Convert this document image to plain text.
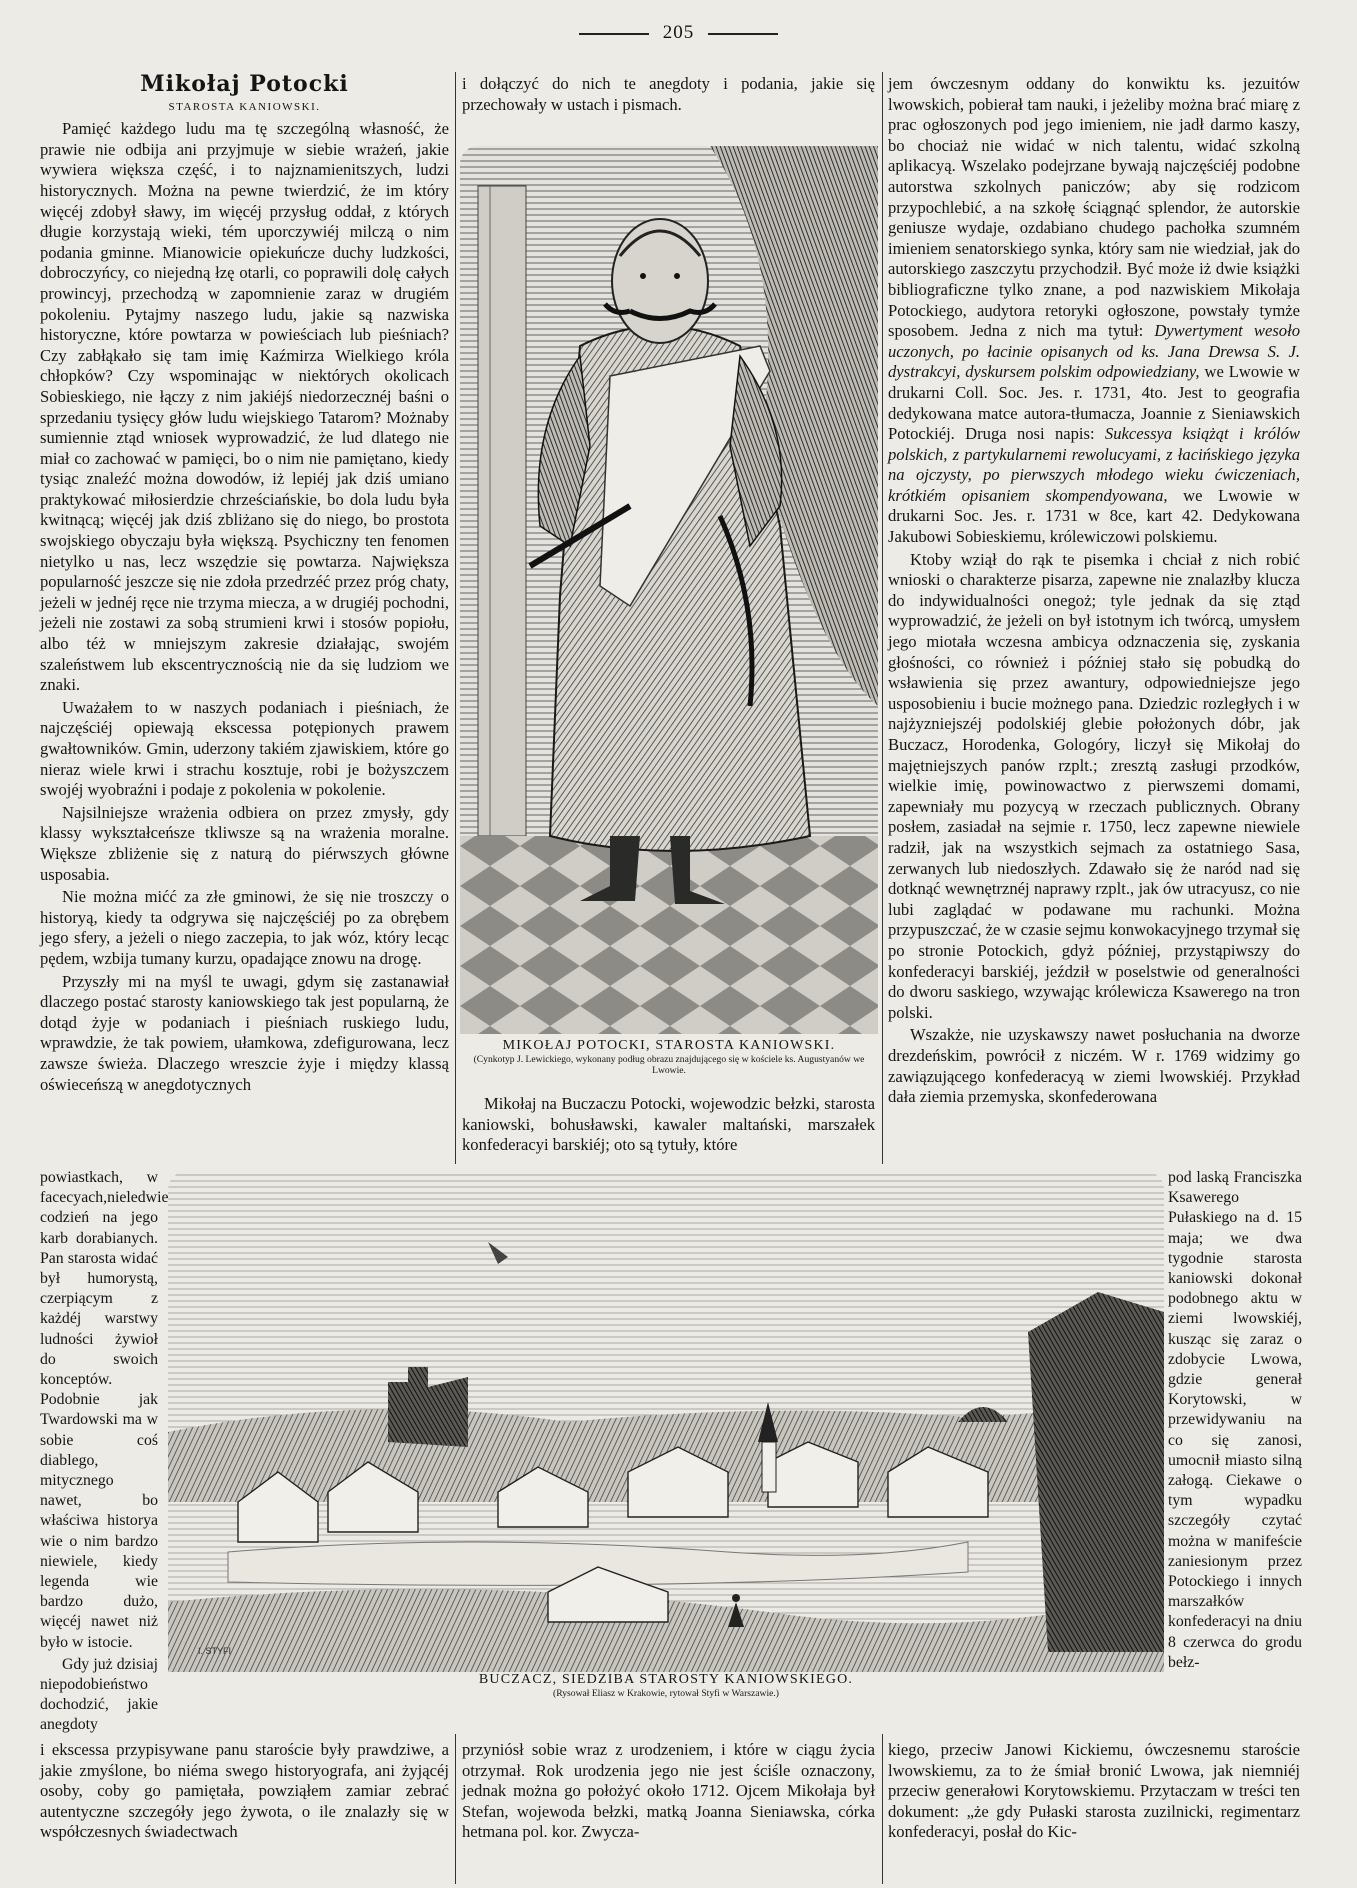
205

Mikołaj Potocki

STAROSTA KANIOWSKI.

Pamięć każdego ludu ma tę szczególną własność, że prawie nie odbija ani przyjmuje w siebie wrażeń, jakie wywiera większa część, i to najznamienitszych, ludzi historycznych. Można na pewne twierdzić, że im który więcéj zdobył sławy, im więcéj przysług oddał, z których długie korzystają wieki, tém uporczywiéj milczą o nim podania gminne. Mianowicie opiekuńcze duchy ludzkości, dobroczyńcy, co niejedną łzę otarli, co poprawili dolę całych prowincyj, przechodzą w zapomnienie zaraz w drugiém pokoleniu. Pytajmy naszego ludu, jakie są nazwiska historyczne, które powtarza w powieściach lub pieśniach? Czy zabłąkało się tam imię Kaźmirza Wielkiego króla chłopków? Czy wspominając w niektórych okolicach Sobieskiego, nie łączy z nim jakiéjś niedorzecznéj baśni o sprzedaniu tysięcy głów ludu wiejskiego Tatarom? Możnaby sumiennie ztąd wniosek wyprowadzić, że lud dlatego nie miał co zachować w pamięci, bo o nim nie pamiętano, kiedy tysiąc znaleźć można dowodów, iż lepiéj jak dziś umiano praktykować miłosierdzie chrześciańskie, bo dola ludu była kwitnącą; więcéj jak dziś zbliżano się do niego, bo prostota swojskiego obyczaju była większą. Psychiczny ten fenomen nietylko u nas, lecz wszędzie się powtarza. Największa popularność jeszcze się nie zdoła przedrzéć przez próg chaty, jeżeli w jednéj ręce nie trzyma miecza, a w drugiéj pochodni, jeżeli nie zostawi za sobą strumieni krwi i stosów popiołu, albo téż w mniejszym zakresie działając, swojém szaleństwem lub ekscentrycznością nie da się ludziom we znaki.

Uważałem to w naszych podaniach i pieśniach, że najczęściéj opiewają ekscessa potępionych prawem gwałtowników. Gmin, uderzony takiém zjawiskiem, które go nieraz wiele krwi i strachu kosztuje, robi je bożyszczem swojéj wyobraźni i podaje z pokolenia w pokolenie.

Najsilniejsze wrażenia odbiera on przez zmysły, gdy klassy wykształceńsze tkliwsze są na wrażenia moralne. Większe zbliżenie się z naturą do piérwszych główne usposabia.

Nie można mićć za złe gminowi, że się nie troszczy o historyą, kiedy ta odgrywa się najczęściéj po za obrębem jego sfery, a jeżeli o niego zaczepia, to jak wóz, który lecąc pędem, wzbija tumany kurzu, opadające znowu na drogę.

Przyszły mi na myśl te uwagi, gdym się zastanawiał dlaczego postać starosty kaniowskiego tak jest popularną, że dotąd żyje w podaniach i pieśniach ruskiego ludu, wprawdzie, że tak powiem, ułamkowa, zdefigurowana, lecz zawsze świeża. Dlaczego wreszcie żyje i między klassą oświeceńszą w anegdotycznych

powiastkach, w facecyach,nieledwie codzień na jego karb dorabianych. Pan starosta widać był humorystą, czerpiącym z każdéj warstwy ludności żywioł do swoich konceptów. Podobnie jak Twardowski ma w sobie coś diablego, mitycznego nawet, bo właściwa historya wie o nim bardzo niewiele, kiedy legenda wie bardzo dużo, więcéj nawet niż było w istocie.

Gdy już dzisiaj niepodobieństwo dochodzić, jakie anegdoty

i ekscessa przypisywane panu staroście były prawdziwe, a jakie zmyślone, bo niéma swego historyografa, ani żyjącéj osoby, coby go pamiętała, powziąłem zamiar zebrać autentyczne szczegóły jego żywota, o ile znalazły się w współczesnych świadectwach

i dołączyć do nich te anegdoty i podania, jakie się przechowały w ustach i pismach.

MIKOŁAJ POTOCKI, STAROSTA KANIOWSKI.
(Cynkotyp J. Lewickiego, wykonany podług obrazu znajdującego się w kościele ks. Augustyanów we Lwowie.

Mikołaj na Buczaczu Potocki, wojewodzic bełzki, starosta kaniowski, bohusławski, kawaler maltański, marszałek konfederacyi barskiéj; oto są tytuły, które

I. STYFI
BUCZACZ, SIEDZIBA STAROSTY KANIOWSKIEGO.
(Rysował Eliasz w Krakowie, rytował Styfi w Warszawie.)

przyniósł sobie wraz z urodzeniem, i które w ciągu życia otrzymał. Rok urodzenia jego nie jest ściśle oznaczony, jednak można go położyć około 1712. Ojcem Mikołaja był Stefan, wojewoda bełzki, matką Joanna Sieniawska, córka hetmana pol. kor. Zwycza-

jem ówczesnym oddany do konwiktu ks. jezuitów lwowskich, pobierał tam nauki, i jeżeliby można brać miarę z prac ogłoszonych pod jego imieniem, nie jadł darmo kaszy, bo chociaż nie widać w nich talentu, widać szkolną aplikacyą. Wszelako podejrzane bywają najczęściéj podobne autorstwa szkolnych paniczów; aby się rodzicom przypochlebić, a na szkołę ściągnąć splendor, że autorskie geniusze wydaje, ozdabiano chudego pachołka szumném imieniem senatorskiego synka, który sam nie wiedział, jak do autorskiego zaszczytu przychodził. Być może iż dwie książki bibliograficzne tylko znane, a pod nazwiskiem Mikołaja Potockiego, audytora retoryki ogłoszone, powstały tymże sposobem. Jedna z nich ma tytuł: Dywertyment wesoło uczonych, po łacinie opisanych od ks. Jana Drewsa S. J. dystrakcyi, dyskursem polskim odpowiedziany, we Lwowie w drukarni Coll. Soc. Jes. r. 1731, 4to. Jest to geografia dedykowana matce autora-tłumacza, Joannie z Sieniawskich Potockiéj. Druga nosi napis: Sukcessya książąt i królów polskich, z partykularnemi rewolucyami, z łacińskiego języka na ojczysty, po pierwszych młodego wieku ćwiczeniach, krótkiém opisaniem skompendyowana, we Lwowie w drukarni Soc. Jes. r. 1731 w 8ce, kart 42. Dedykowana Jakubowi Sobieskiemu, królewiczowi polskiemu.

Ktoby wziął do rąk te pisemka i chciał z nich robić wnioski o charakterze pisarza, zapewne nie znalazłby klucza do indywidualności onegoż; tyle jednak da się ztąd wyprowadzić, że jeżeli on był istotnym ich twórcą, umysłem jego miotała wczesna ambicya odznaczenia się, zyskania głośności, co również i później stało się pobudką do wsławienia się przez awantury, odpowiedniejsze jego usposobieniu i bucie możnego pana. Dziedzic rozległych i w najżyzniejszéj podolskiéj glebie położonych dóbr, jak Buczacz, Horodenka, Gologóry, liczył się Mikołaj do majętniejszych panów rzplt.; zresztą zasługi przodków, wielkie imię, powinowactwo z pierwszemi domami, zapewniały mu pozycyą w rzeczach publicznych. Obrany posłem, zasiadał na sejmie r. 1750, lecz zapewne niewiele radził, jak na wszystkich sejmach za ostatniego Sasa, zerwanych lub niedoszłych. Zdawało się że naród nad się dotknąć wewnętrznéj naprawy rzplt., jak ów utracyusz, co nie lubi zaglądać w podawane mu rachunki. Można przypuszczać, że w czasie sejmu konwokacyjnego trzymał się po stronie Potockich, gdyż później, przystąpiwszy do konfederacyi barskiéj, jeździł w poselstwie od generalności do dworu saskiego, wzywając królewicza Ksawerego na tron polski.

Wszakże, nie uzyskawszy nawet posłuchania na dworze drezdeńskim, powrócił z niczém. W r. 1769 widzimy go zawiązującego konfederacyą w ziemi lwowskiéj. Przykład dała ziemia przemyska, skonfederowana

pod laską Franciszka Ksawerego Pułaskiego na d. 15 maja; we dwa tygodnie starosta kaniowski dokonał podobnego aktu w ziemi lwowskiéj, kusząc się zaraz o zdobycie Lwowa, gdzie generał Korytowski, w przewidywaniu na co się zanosi, umocnił miasto silną załogą. Ciekawe o tym wypadku szczegóły czytać można w manifeście zaniesionym przez Potockiego i innych marszałków konfederacyi na dniu 8 czerwca do grodu bełz-

kiego, przeciw Janowi Kickiemu, ówczesnemu staroście lwowskiemu, za to że śmiał bronić Lwowa, jak niemniéj przeciw generałowi Korytowskiemu. Przytaczam w treści ten dokument: „że gdy Pułaski starosta zuzilnicki, regimentarz konfederacyi, posłał do Kic-
